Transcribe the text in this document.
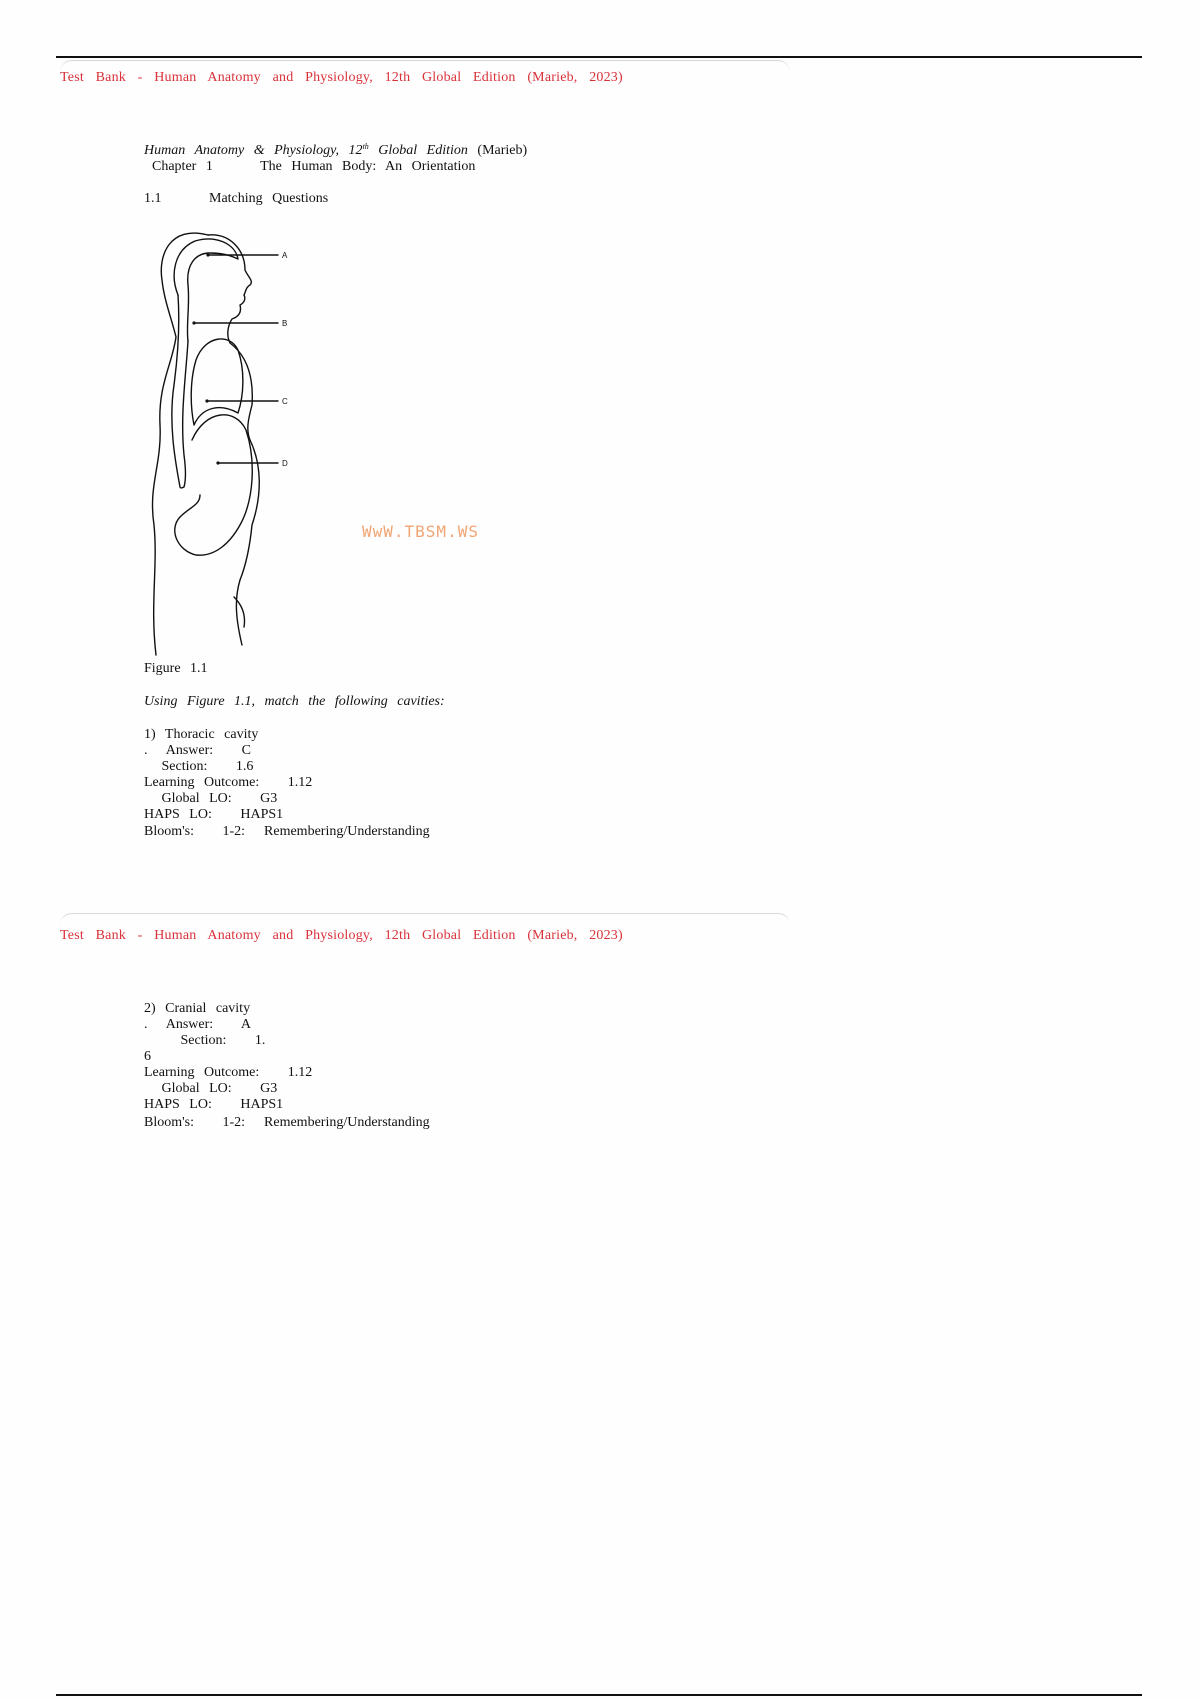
Test Bank - Human Anatomy and Physiology, 12th Global Edition (Marieb, 2023)
Human Anatomy & Physiology, 12th Global Edition (Marieb)
Chapter 1     The Human Body: An Orientation
1.1     Matching Questions
A
B
C
D
WwW.TBSM.WS
Figure 1.1
Using Figure 1.1, match the following cavities:
1) Thoracic cavity
.  Answer:   C
Section:   1.6
Learning Outcome:   1.12
Global LO:   G3
HAPS LO:   HAPS1
Bloom's:   1-2:  Remembering/Understanding
Test Bank - Human Anatomy and Physiology, 12th Global Edition (Marieb, 2023)
2) Cranial cavity
.  Answer:   A
Section:   1.
6
Learning Outcome:   1.12
Global LO:   G3
HAPS LO:   HAPS1
Bloom's:   1-2:  Remembering/Understanding
